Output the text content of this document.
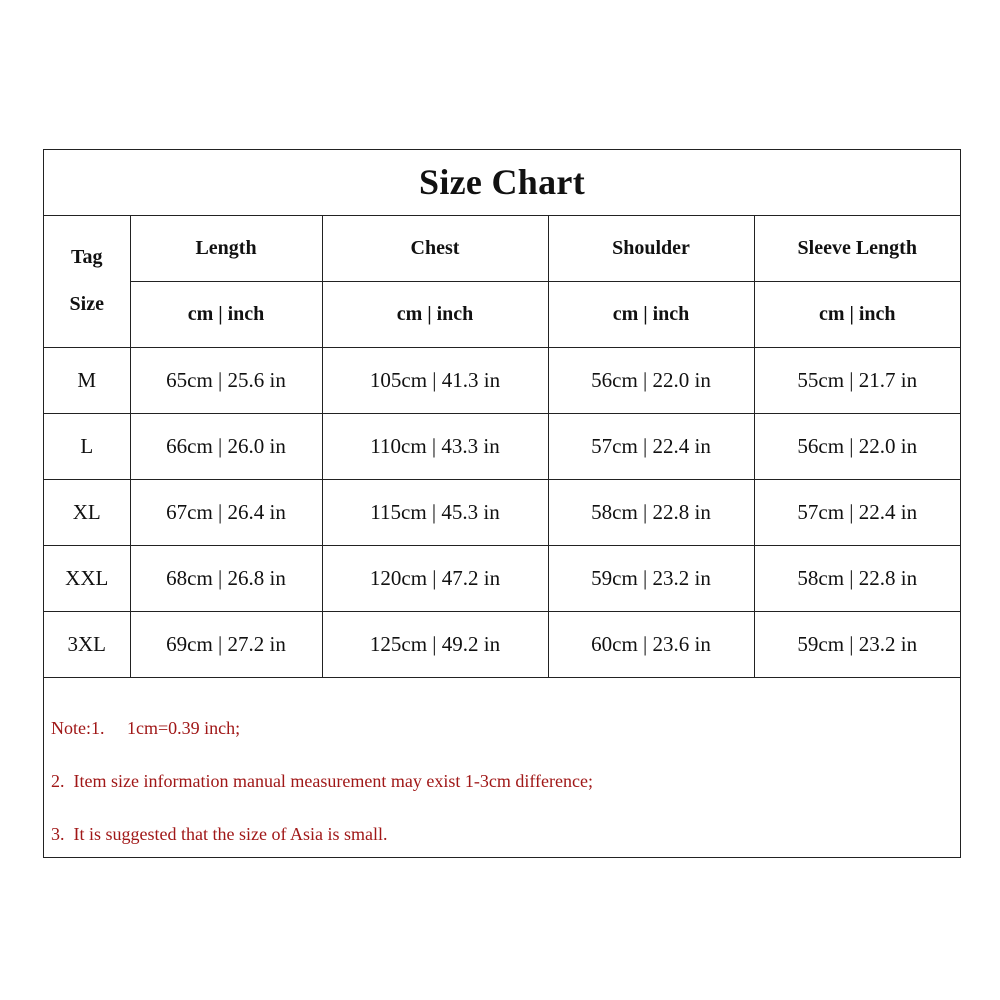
Size Chart				

Tag
Size	Length	Chest	Shoulder	Sleeve Length
	cm | inch	cm | inch	cm | inch	cm | inch
M	65cm | 25.6 in	105cm | 41.3 in	56cm | 22.0 in	55cm | 21.7 in
L	66cm | 26.0 in	110cm | 43.3 in	57cm | 22.4 in	56cm | 22.0 in
XL	67cm | 26.4 in	115cm | 45.3 in	58cm | 22.8 in	57cm | 22.4 in
XXL	68cm | 26.8 in	120cm | 47.2 in	59cm | 23.2 in	58cm | 22.8 in
3XL	69cm | 27.2 in	125cm | 49.2 in	60cm | 23.6 in	59cm | 23.2 in
Note:1.     1cm=0.39 inch;
2.  Item size information manual measurement may exist 1-3cm difference;
3.  It is suggested that the size of Asia is small.
